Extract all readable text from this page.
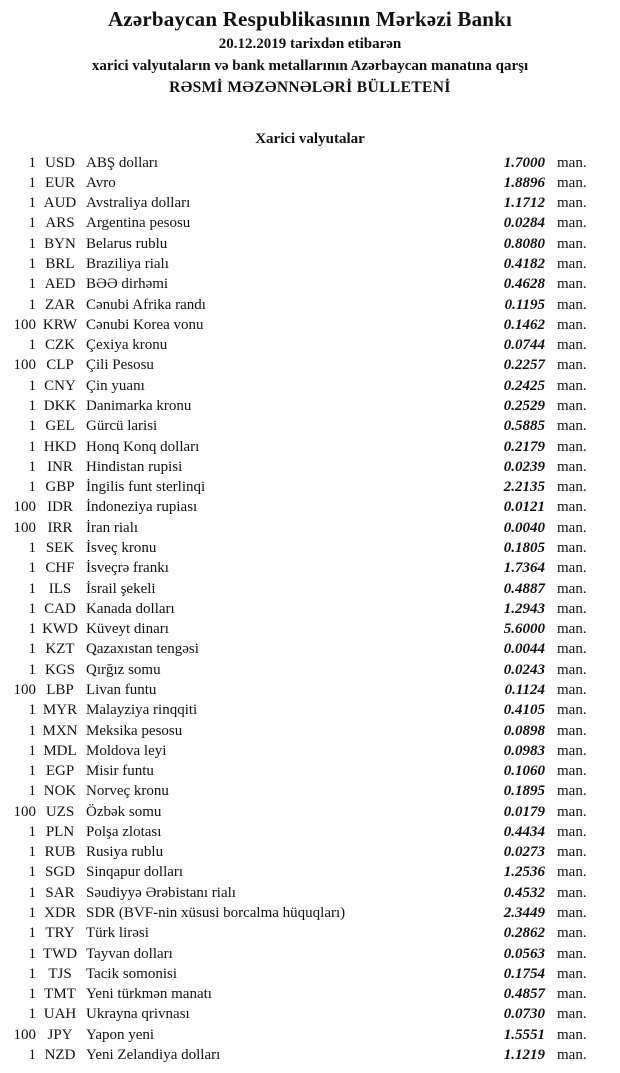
Azərbaycan Respublikasının Mərkəzi Bankı
20.12.2019 tarixdən etibarən
xarici valyutaların və bank metallarının Azərbaycan manatına qarşı
RƏSMİ MƏZƏNNƏLƏRİ BÜLLETENİ
Xarici valyutalar
1 USD ABŞ dolları	1.7000 man.
1 EUR Avro	1.8896 man.
1 AUD Avstraliya dolları	1.1712 man.
1 ARS Argentina pesosu	0.0284 man.
1 BYN Belarus rublu	0.8080 man.
1 BRL Braziliya rialı	0.4182 man.
1 AED BƏƏ dirhəmi	0.4628 man.
1 ZAR Cənubi Afrika randı	0.1195 man.
100 KRW Cənubi Korea vonu	0.1462 man.
1 CZK Çexiya kronu	0.0744 man.
100 CLP Çili Pesosu	0.2257 man.
1 CNY Çin yuanı	0.2425 man.
1 DKK Danimarka kronu	0.2529 man.
1 GEL Gürcü larisi	0.5885 man.
1 HKD Honq Konq dolları	0.2179 man.
1 INR Hindistan rupisi	0.0239 man.
1 GBP İngilis funt sterlinqi	2.2135 man.
100 IDR İndoneziya rupiası	0.0121 man.
100 IRR İran rialı	0.0040 man.
1 SEK İsveç kronu	0.1805 man.
1 CHF İsveçrə frankı	1.7364 man.
1 ILS İsrail şekeli	0.4887 man.
1 CAD Kanada dolları	1.2943 man.
1 KWD Küveyt dinarı	5.6000 man.
1 KZT Qazaxıstan tengəsi	0.0044 man.
1 KGS Qırğız somu	0.0243 man.
100 LBP Livan funtu	0.1124 man.
1 MYR Malayziya rinqqiti	0.4105 man.
1 MXN Meksika pesosu	0.0898 man.
1 MDL Moldova leyi	0.0983 man.
1 EGP Misir funtu	0.1060 man.
1 NOK Norveç kronu	0.1895 man.
100 UZS Özbək somu	0.0179 man.
1 PLN Polşa zlotası	0.4434 man.
1 RUB Rusiya rublu	0.0273 man.
1 SGD Sinqapur dolları	1.2536 man.
1 SAR Səudiyyə Ərəbistanı rialı	0.4532 man.
1 XDR SDR (BVF-nin xüsusi borcalma hüquqları)	2.3449 man.
1 TRY Türk lirəsi	0.2862 man.
1 TWD Tayvan dolları	0.0563 man.
1 TJS Tacik somonisi	0.1754 man.
1 TMT Yeni türkmən manatı	0.4857 man.
1 UAH Ukrayna qrivnası	0.0730 man.
100 JPY Yapon yeni	1.5551 man.
1 NZD Yeni Zelandiya dolları	1.1219 man.
